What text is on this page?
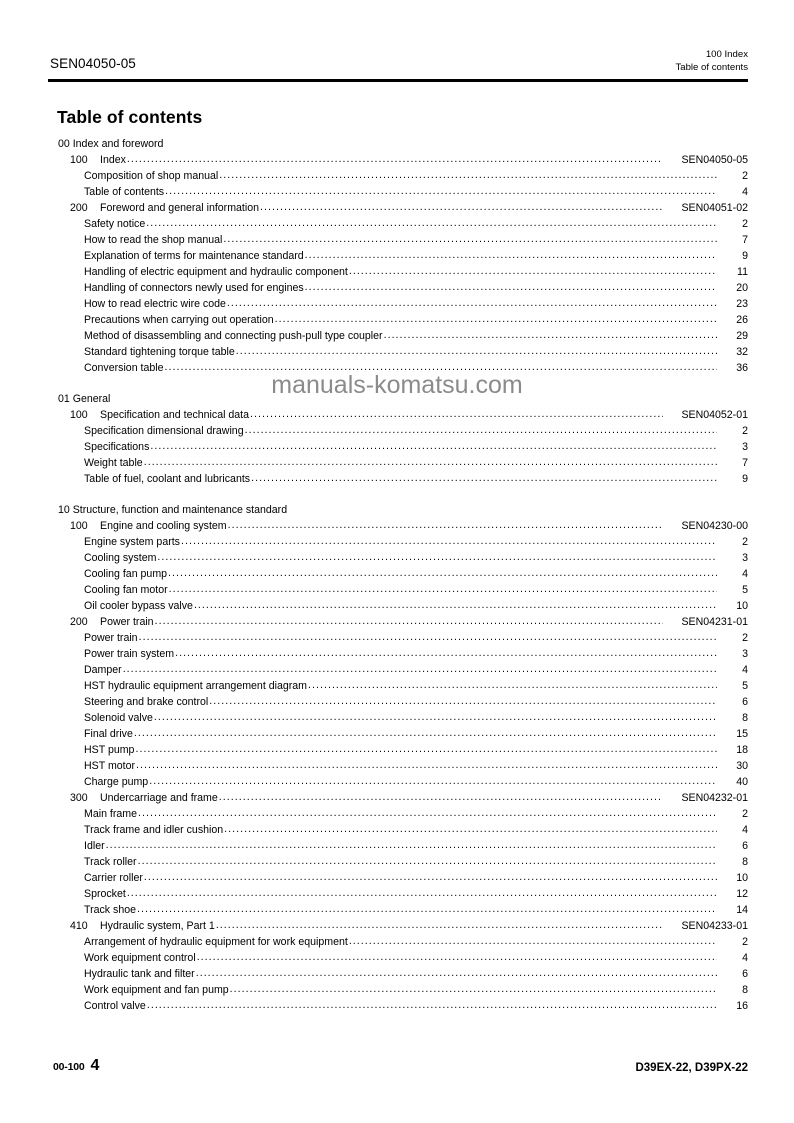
SEN04050-05
100 Index
Table of contents
Table of contents
00 Index and foreword
100 Index .....	SEN04050-05
Composition of shop manual .....	2
Table of contents .....	4
200 Foreword and general information .....	SEN04051-02
Safety notice .....	2
How to read the shop manual .....	7
Explanation of terms for maintenance standard .....	9
Handling of electric equipment and hydraulic component .....	11
Handling of connectors newly used for engines .....	20
How to read electric wire code .....	23
Precautions when carrying out operation .....	26
Method of disassembling and connecting push-pull type coupler .....	29
Standard tightening torque table .....	32
Conversion table .....	36
01 General
100 Specification and technical data .....	SEN04052-01
Specification dimensional drawing .....	2
Specifications .....	3
Weight table .....	7
Table of fuel, coolant and lubricants .....	9
10 Structure, function and maintenance standard
100 Engine and cooling system .....	SEN04230-00
Engine system parts .....	2
Cooling system .....	3
Cooling fan pump .....	4
Cooling fan motor .....	5
Oil cooler bypass valve .....	10
200 Power train .....	SEN04231-01
Power train .....	2
Power train system .....	3
Damper .....	4
HST hydraulic equipment arrangement diagram .....	5
Steering and brake control .....	6
Solenoid valve .....	8
Final drive .....	15
HST pump .....	18
HST motor .....	30
Charge pump .....	40
300 Undercarriage and frame .....	SEN04232-01
Main frame .....	2
Track frame and idler cushion .....	4
Idler .....	6
Track roller .....	8
Carrier roller .....	10
Sprocket .....	12
Track shoe .....	14
410 Hydraulic system, Part 1 .....	SEN04233-01
Arrangement of hydraulic equipment for work equipment .....	2
Work equipment control .....	4
Hydraulic tank and filter .....	6
Work equipment and fan pump .....	8
Control valve .....	16
manuals-komatsu.com
00-100 4	D39EX-22, D39PX-22
